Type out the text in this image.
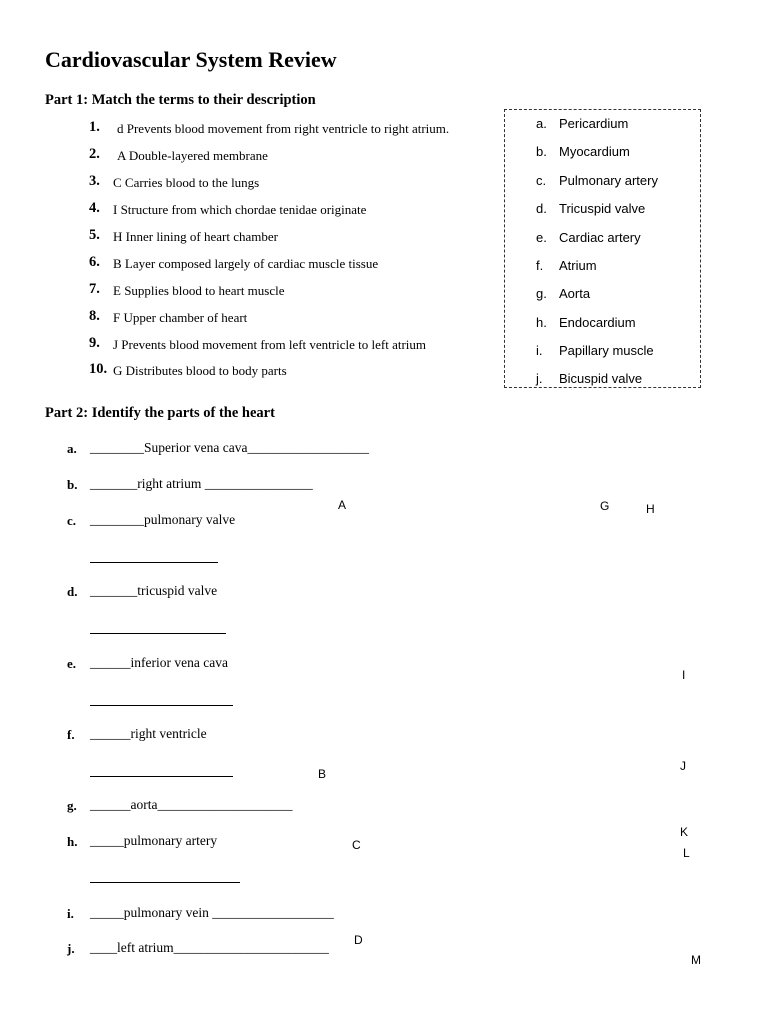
Cardiovascular System Review
Part 1: Match the terms to their description
1. d Prevents blood movement from right ventricle to right atrium.
2. A Double-layered membrane
3. C Carries blood to the lungs
4. I Structure from which chordae tenidae originate
5. H Inner lining of heart chamber
6. B Layer composed largely of cardiac muscle tissue
7. E Supplies blood to heart muscle
8. F Upper chamber of heart
9. J Prevents blood movement from left ventricle to left atrium
10. G Distributes blood to body parts
a. Pericardium
b. Myocardium
c. Pulmonary artery
d. Tricuspid valve
e. Cardiac artery
f.	Atrium
g. Aorta
h. Endocardium
i.	Papillary muscle
j.	Bicuspid valve
Part 2: Identify the parts of the heart
a. ________Superior vena cava__________________
b. _______right atrium ________________
c. ________pulmonary valve
d. _______tricuspid valve
e. ______inferior vena cava
f. ______right ventricle
g. ______aorta____________________
h. _____pulmonary artery
i. _____pulmonary vein __________________
j. ____left atrium_______________________
A	G	H
I
B
J
K
C
L
D
M
